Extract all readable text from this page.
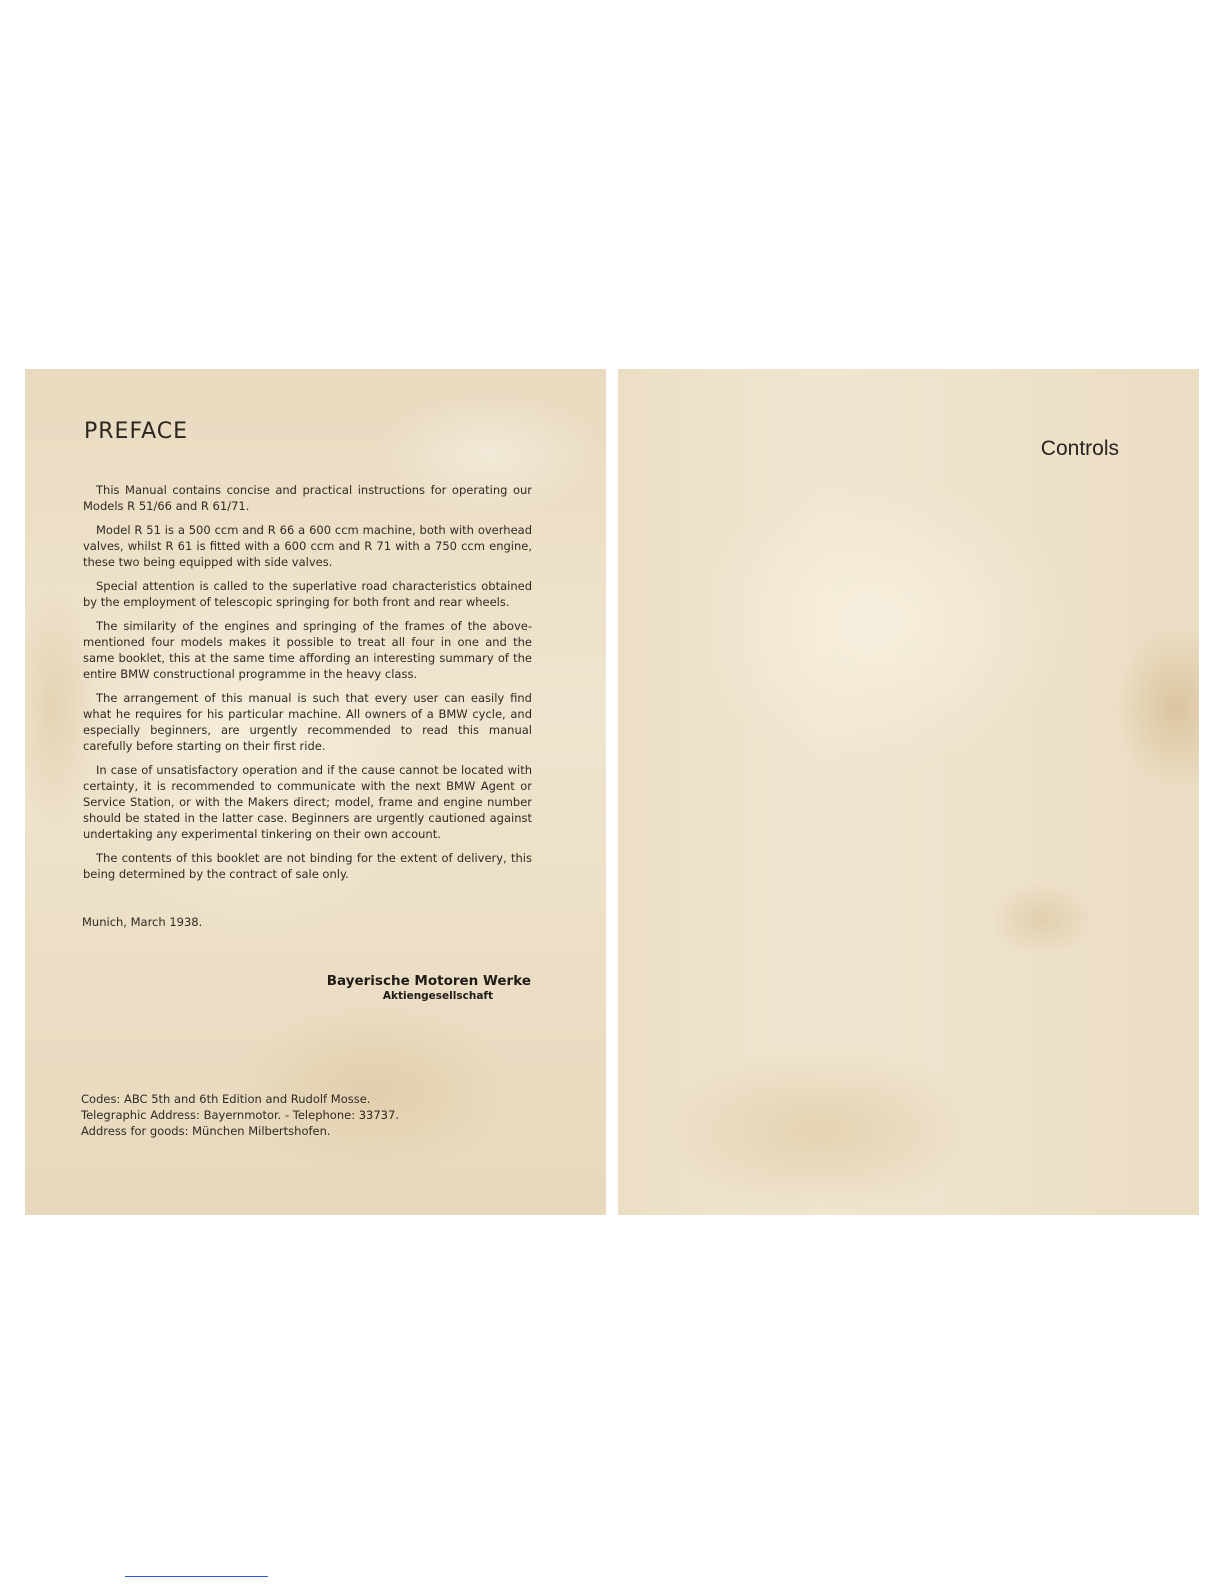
PREFACE

This Manual contains concise and practical instructions for operating our Models R 51/66 and R 61/71.

Model R 51 is a 500 ccm and R 66 a 600 ccm machine, both with overhead valves, whilst R 61 is fitted with a 600 ccm and R 71 with a 750 ccm engine, these two being equipped with side valves.

Special attention is called to the superlative road characteristics obtained by the employment of telescopic springing for both front and rear wheels.

The similarity of the engines and springing of the frames of the above-mentioned four models makes it possible to treat all four in one and the same booklet, this at the same time affording an interesting summary of the entire BMW constructional programme in the heavy class.

The arrangement of this manual is such that every user can easily find what he requires for his particular machine. All owners of a BMW cycle, and especially beginners, are urgently recommended to read this manual carefully before starting on their first ride.

In case of unsatisfactory operation and if the cause cannot be located with certainty, it is recommended to communicate with the next BMW Agent or Service Station, or with the Makers direct; model, frame and engine number should be stated in the latter case. Beginners are urgently cautioned against undertaking any experimental tinkering on their own account.

The contents of this booklet are not binding for the extent of delivery, this being determined by the contract of sale only.

Munich, March 1938.

Bayerische Motoren Werke

Aktiengesellschaft

Codes: ABC 5th and 6th Edition and Rudolf Mosse.

Telegraphic Address: Bayernmotor. - Telephone: 33737.

Address for goods: München Milbertshofen.

Controls
